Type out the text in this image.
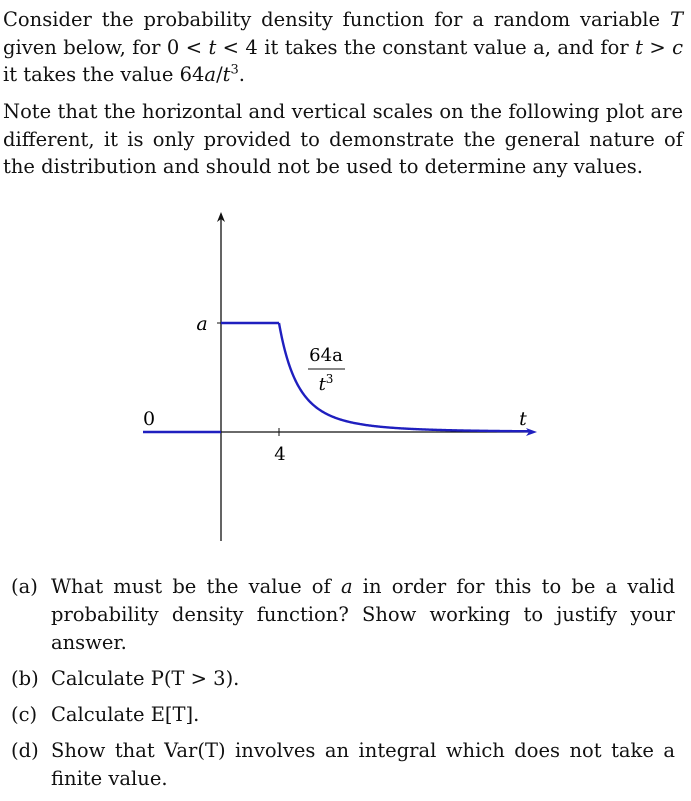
Consider the probability density function for a random variable T given below, for 0 < t < 4 it takes the constant value a, and for t > c it takes the value $64a/t^3$.

Note that the horizontal and vertical scales on the following plot are different, it is only provided to demonstrate the general nature of the distribution and should not be used to determine any values.

0
a
4
t
64a
$t^3$
(a) What must be the value of a in order for this to be a valid probability density function? Show working to justify your answer.
(b) Calculate P(T > 3).
(c) Calculate E[T].
(d) Show that Var(T) involves an integral which does not take a finite value.
